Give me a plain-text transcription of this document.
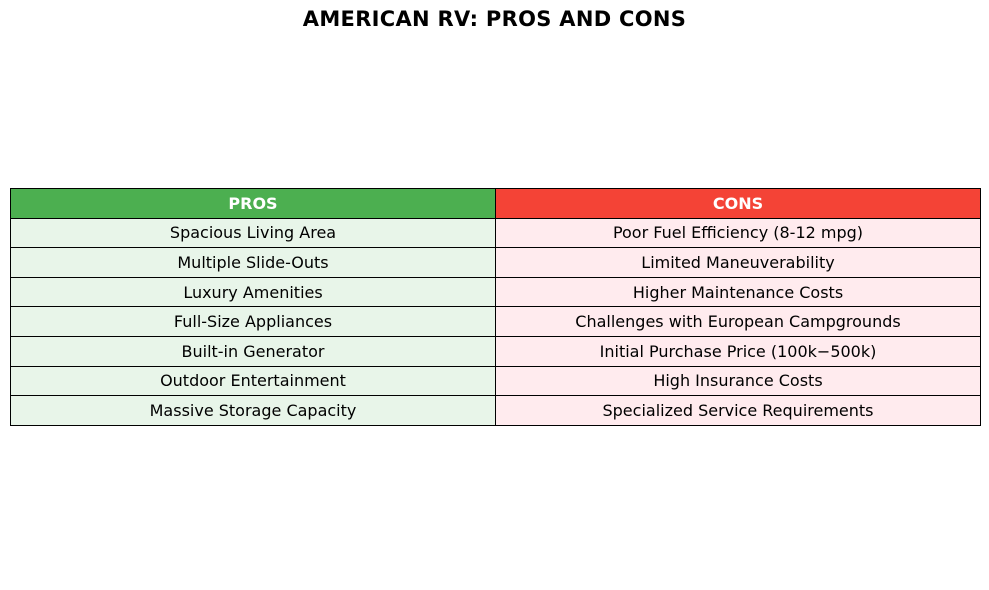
AMERICAN RV: PROS AND CONS
PROS	CONS
Spacious Living Area	Poor Fuel Efficiency (8-12 mpg)
Multiple Slide-Outs	Limited Maneuverability
Luxury Amenities	Higher Maintenance Costs
Full-Size Appliances	Challenges with European Campgrounds
Built-in Generator	Initial Purchase Price (100k−500k)
Outdoor Entertainment	High Insurance Costs
Massive Storage Capacity	Specialized Service Requirements
